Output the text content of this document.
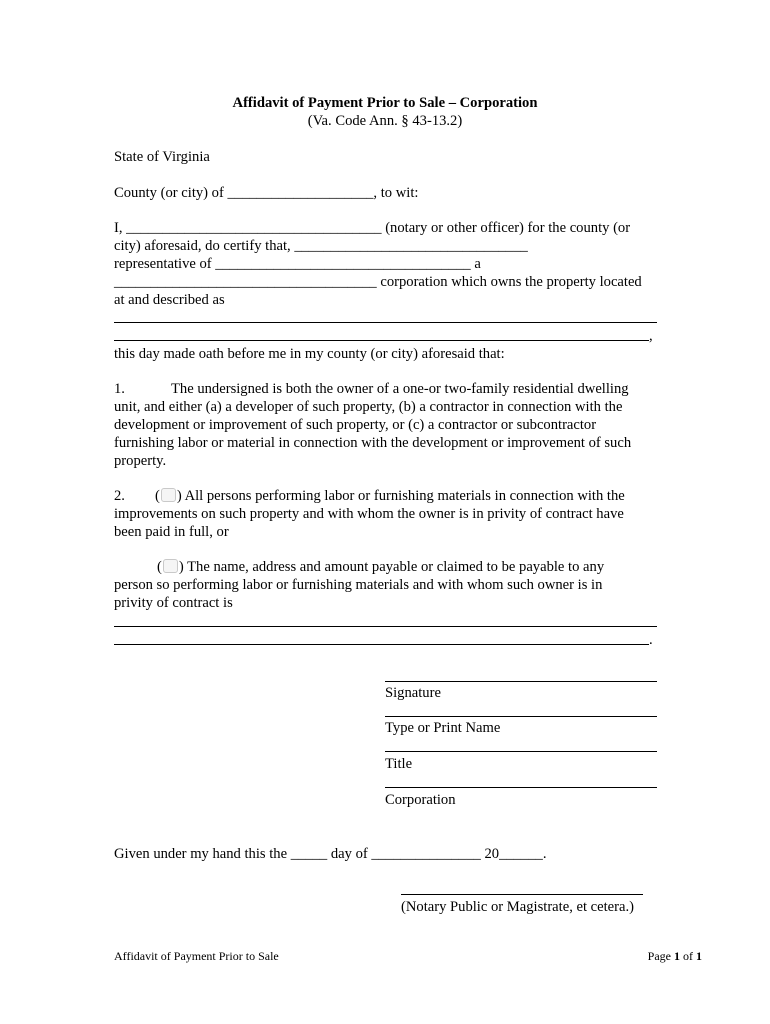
Affidavit of Payment Prior to Sale – Corporation
(Va. Code Ann. § 43-13.2)
State of Virginia
County (or city) of ____________________, to wit:
I, ___________________________________ (notary or other officer) for the county (or
city) aforesaid, do certify that, ________________________________
representative of ___________________________________ a
____________________________________ corporation which owns the property located
at and described as
,
this day made oath before me in my county (or city) aforesaid that:
1.	The undersigned is both the owner of a one-or two-family residential dwelling
unit, and either (a) a developer of such property, (b) a contractor in connection with the
development or improvement of such property, or (c) a contractor or subcontractor
furnishing labor or material in connection with the development or improvement of such
property.
2. ( ) All persons performing labor or furnishing materials in connection with the
improvements on such property and with whom the owner is in privity of contract have
been paid in full, or
( ) The name, address and amount payable or claimed to be payable to any
person so performing labor or furnishing materials and with whom such owner is in
privity of contract is
.
Signature
Type or Print Name
Title
Corporation
Given under my hand this the _____ day of _______________ 20______.
(Notary Public or Magistrate, et cetera.)
Affidavit of Payment Prior to Sale	Page 1 of 1
